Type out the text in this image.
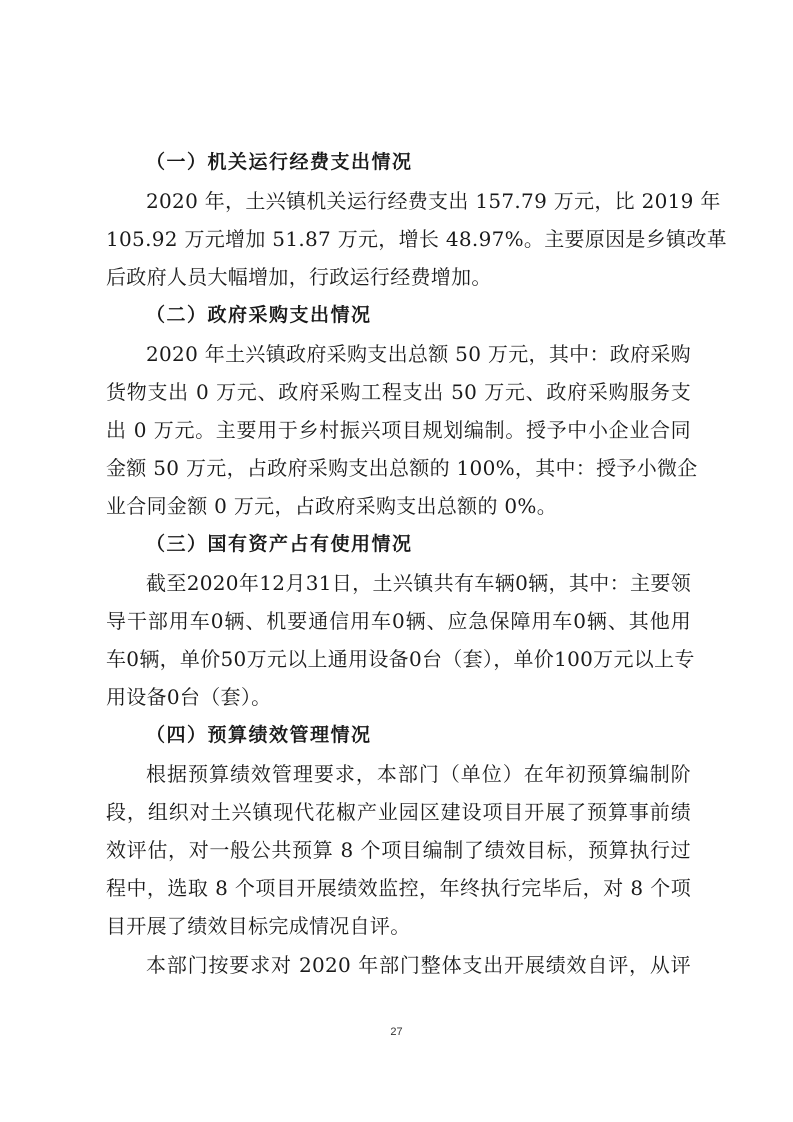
（一）机关运行经费支出情况
2020 年，土兴镇机关运行经费支出 157.79 万元，比 2019 年
105.92 万元增加 51.87 万元，增长 48.97%。主要原因是乡镇改革
后政府人员大幅增加，行政运行经费增加。
（二）政府采购支出情况
2020 年土兴镇政府采购支出总额 50 万元，其中：政府采购
货物支出 0 万元、政府采购工程支出 50 万元、政府采购服务支
出 0 万元。主要用于乡村振兴项目规划编制。授予中小企业合同
金额 50 万元，占政府采购支出总额的 100%，其中：授予小微企
业合同金额 0 万元，占政府采购支出总额的 0%。
（三）国有资产占有使用情况
截至2020年12月31日，土兴镇共有车辆0辆，其中：主要领
导干部用车0辆、机要通信用车0辆、应急保障用车0辆、其他用
车0辆，单价50万元以上通用设备0台（套），单价100万元以上专
用设备0台（套）。
（四）预算绩效管理情况
根据预算绩效管理要求，本部门（单位）在年初预算编制阶
段，组织对土兴镇现代花椒产业园区建设项目开展了预算事前绩
效评估，对一般公共预算 8 个项目编制了绩效目标，预算执行过
程中，选取 8 个项目开展绩效监控，年终执行完毕后，对 8 个项
目开展了绩效目标完成情况自评。
本部门按要求对 2020 年部门整体支出开展绩效自评，从评
27
